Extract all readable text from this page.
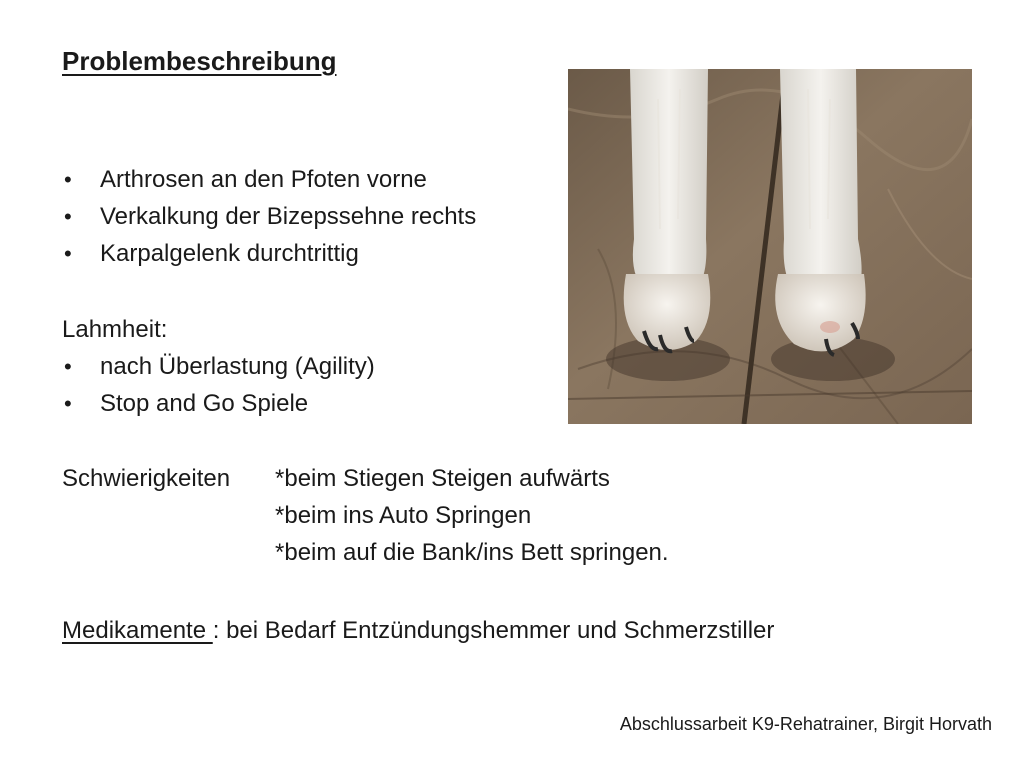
Problembeschreibung
• Arthrosen an den Pfoten vorne
• Verkalkung der Bizepssehne rechts
• Karpalgelenk durchtrittig
Lahmheit:
• nach Überlastung (Agility)
• Stop and Go Spiele
Schwierigkeiten *beim Stiegen Steigen aufwärts
*beim ins Auto Springen
*beim auf die Bank/ins Bett springen.
Medikamente : bei Bedarf Entzündungshemmer und Schmerzstiller
Abschlussarbeit K9-Rehatrainer, Birgit Horvath
